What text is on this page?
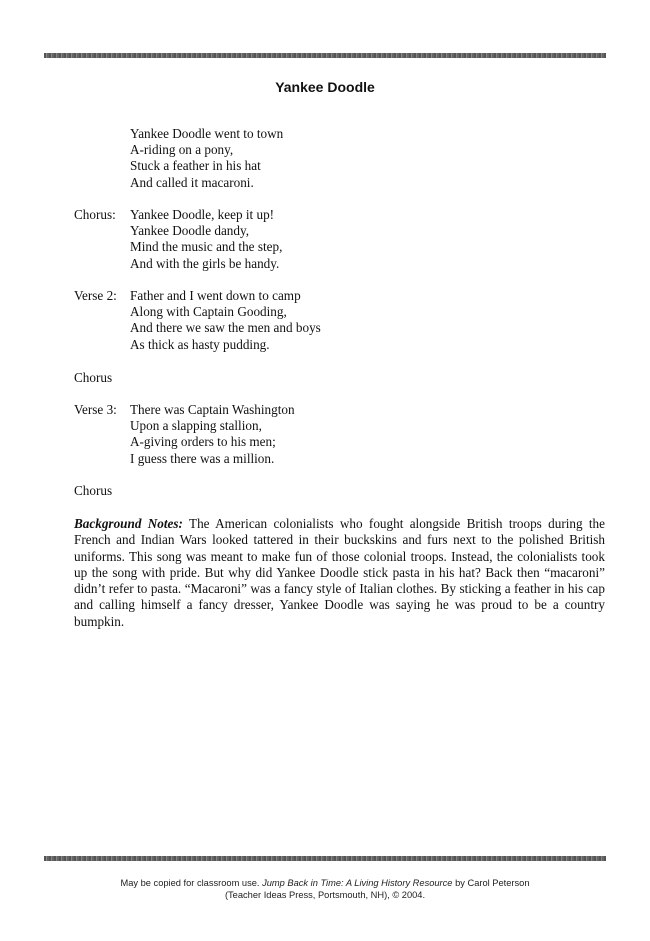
Yankee Doodle
Yankee Doodle went to town
A-riding on a pony,
Stuck a feather in his hat
And called it macaroni.
Chorus: Yankee Doodle, keep it up!
Yankee Doodle dandy,
Mind the music and the step,
And with the girls be handy.
Verse 2: Father and I went down to camp
Along with Captain Gooding,
And there we saw the men and boys
As thick as hasty pudding.
Chorus
Verse 3: There was Captain Washington
Upon a slapping stallion,
A-giving orders to his men;
I guess there was a million.
Chorus
Background Notes: The American colonialists who fought alongside British troops during the French and Indian Wars looked tattered in their buckskins and furs next to the polished British uniforms. This song was meant to make fun of those colonial troops. Instead, the colonialists took up the song with pride. But why did Yankee Doodle stick pasta in his hat? Back then “macaroni” didn’t refer to pasta. “Macaroni” was a fancy style of Italian clothes. By sticking a feather in his cap and calling himself a fancy dresser, Yankee Doodle was saying he was proud to be a country bumpkin.
May be copied for classroom use. Jump Back in Time: A Living History Resource by Carol Peterson
(Teacher Ideas Press, Portsmouth, NH), © 2004.
